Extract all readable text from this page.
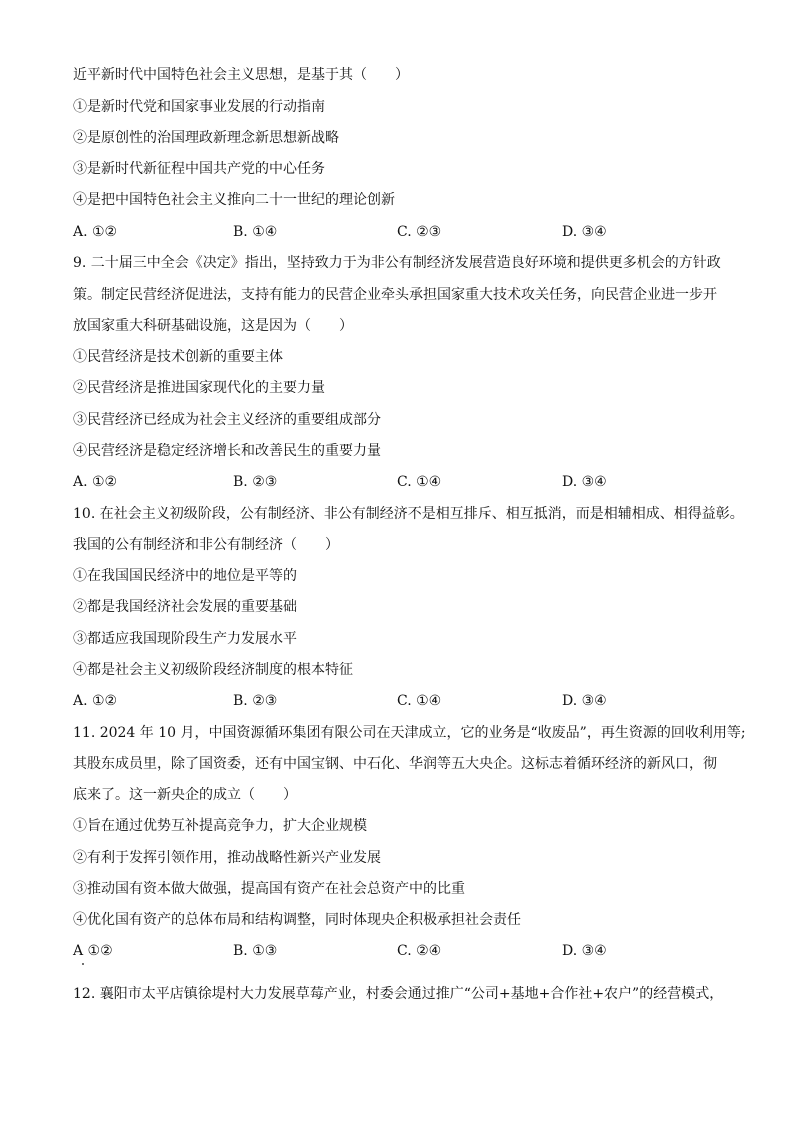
近平新时代中国特色社会主义思想，是基于其（　　）
①是新时代党和国家事业发展的行动指南
②是原创性的治国理政新理念新思想新战略
③是新时代新征程中国共产党的中心任务
④是把中国特色社会主义推向二十一世纪的理论创新
A. ①②	B. ①④	C. ②③	D. ③④
9. 二十届三中全会《决定》指出，坚持致力于为非公有制经济发展营造良好环境和提供更多机会的方针政
策。制定民营经济促进法，支持有能力的民营企业牵头承担国家重大技术攻关任务，向民营企业进一步开
放国家重大科研基础设施，这是因为（　　）
①民营经济是技术创新的重要主体
②民营经济是推进国家现代化的主要力量
③民营经济已经成为社会主义经济的重要组成部分
④民营经济是稳定经济增长和改善民生的重要力量
A. ①②	B. ②③	C. ①④	D. ③④
10. 在社会主义初级阶段，公有制经济、非公有制经济不是相互排斥、相互抵消，而是相辅相成、相得益彰。
我国的公有制经济和非公有制经济（　　）
①在我国国民经济中的地位是平等的
②都是我国经济社会发展的重要基础
③都适应我国现阶段生产力发展水平
④都是社会主义初级阶段经济制度的根本特征
A. ①②	B. ②③	C. ①④	D. ③④
11. 2024 年 10 月，中国资源循环集团有限公司在天津成立，它的业务是“收废品”，再生资源的回收利用等;
其股东成员里，除了国资委，还有中国宝钢、中石化、华润等五大央企。这标志着循环经济的新风口，彻
底来了。这一新央企的成立（　　）
①旨在通过优势互补提高竞争力，扩大企业规模
②有利于发挥引领作用，推动战略性新兴产业发展
③推动国有资本做大做强，提高国有资产在社会总资产中的比重
④优化国有资产的总体布局和结构调整，同时体现央企积极承担社会责任
A ①②	B. ①③	C. ②④	D. ③④
12. 襄阳市太平店镇徐堤村大力发展草莓产业，村委会通过推广“公司+基地+合作社+农户”的经营模式，
